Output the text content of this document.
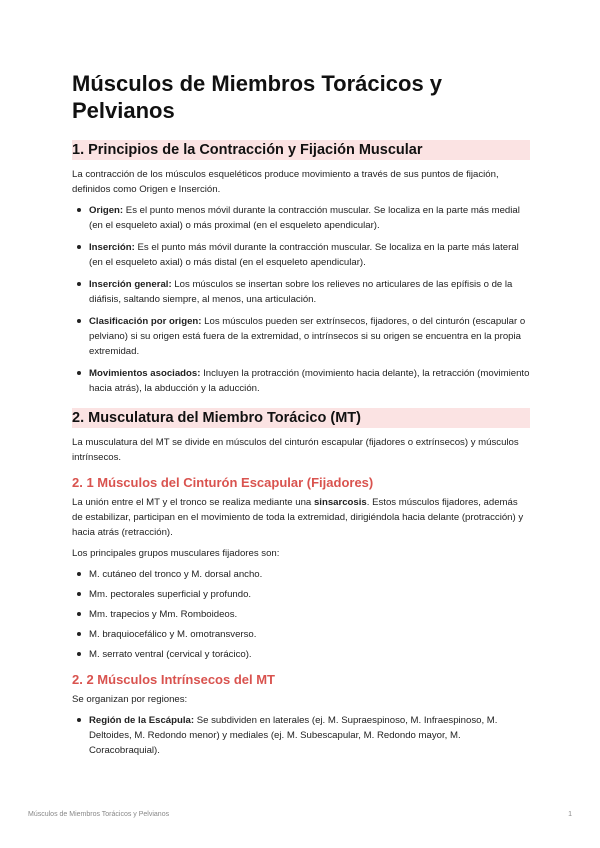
Músculos de Miembros Torácicos y Pelvianos
1. Principios de la Contracción y Fijación Muscular

La contracción de los músculos esqueléticos produce movimiento a través de sus puntos de fijación, definidos como Origen e Inserción.

Origen: Es el punto menos móvil durante la contracción muscular. Se localiza en la parte más medial (en el esqueleto axial) o más proximal (en el esqueleto apendicular).
Inserción: Es el punto más móvil durante la contracción muscular. Se localiza en la parte más lateral (en el esqueleto axial) o más distal (en el esqueleto apendicular).
Inserción general: Los músculos se insertan sobre los relieves no articulares de las epífisis o de la diáfisis, saltando siempre, al menos, una articulación.
Clasificación por origen: Los músculos pueden ser extrínsecos, fijadores, o del cinturón (escapular o pelviano) si su origen está fuera de la extremidad, o intrínsecos si su origen se encuentra en la propia extremidad.
Movimientos asociados: Incluyen la protracción (movimiento hacia delante), la retracción (movimiento hacia atrás), la abducción y la aducción.
2. Musculatura del Miembro Torácico (MT)

La musculatura del MT se divide en músculos del cinturón escapular (fijadores o extrínsecos) y músculos intrínsecos.

2. 1 Músculos del Cinturón Escapular (Fijadores)

La unión entre el MT y el tronco se realiza mediante una sinsarcosis. Estos músculos fijadores, además de estabilizar, participan en el movimiento de toda la extremidad, dirigiéndola hacia delante (protracción) y hacia atrás (retracción).

Los principales grupos musculares fijadores son:

M. cutáneo del tronco y M. dorsal ancho.
Mm. pectorales superficial y profundo.
Mm. trapecios y Mm. Romboideos.
M. braquiocefálico y M. omotransverso.
M. serrato ventral (cervical y torácico).
2. 2 Músculos Intrínsecos del MT

Se organizan por regiones:

Región de la Escápula: Se subdividen en laterales (ej. M. Supraespinoso, M. Infraespinoso, M. Deltoides, M. Redondo menor) y mediales (ej. M. Subescapular, M. Redondo mayor, M. Coracobraquial).
Músculos de Miembros Torácicos y Pelvianos	1
